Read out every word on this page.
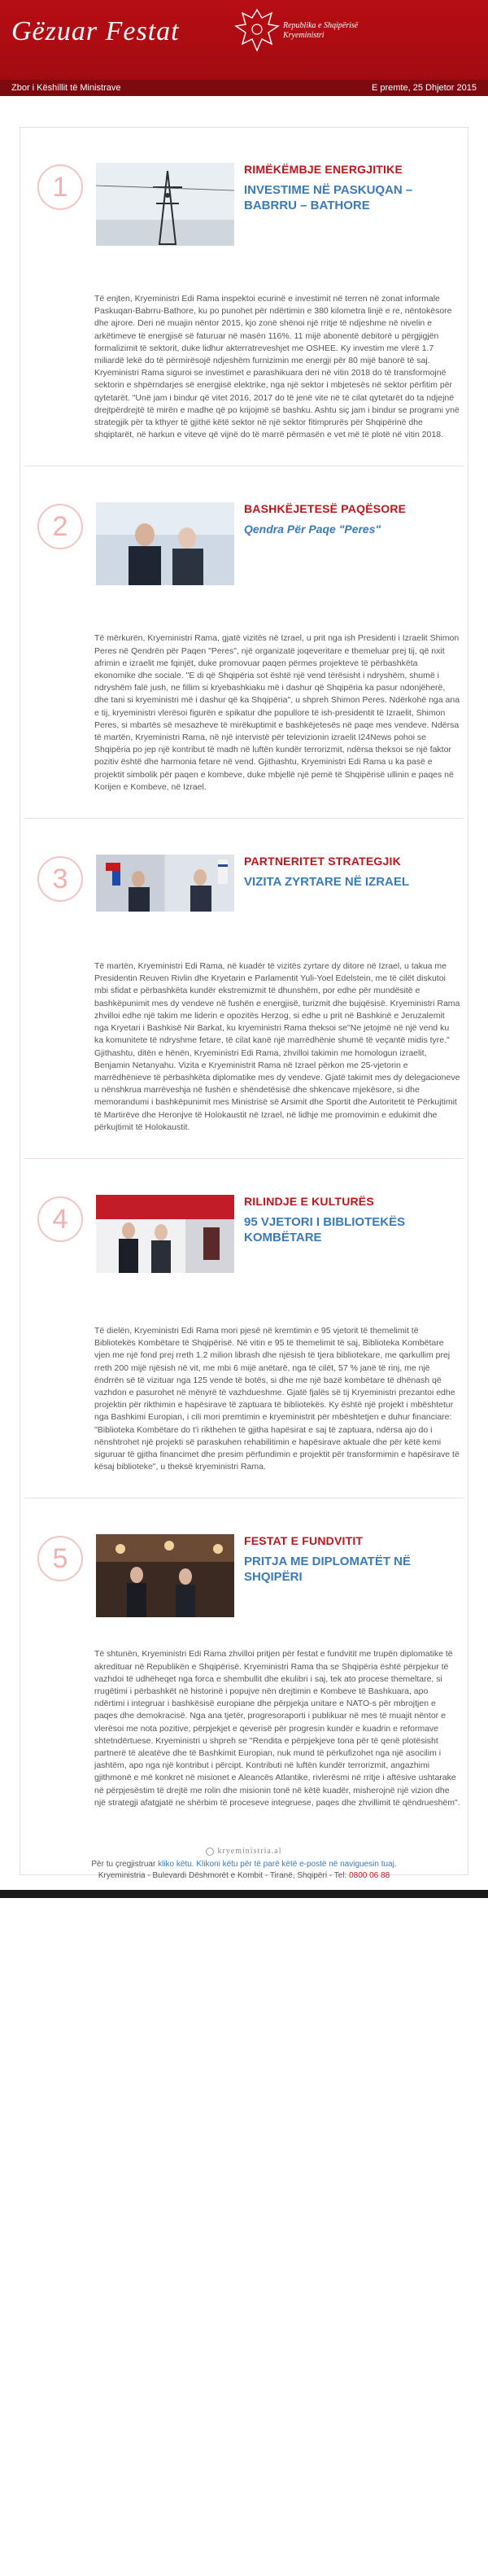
Gëzuar Festat	Republika e Shqipërisë
Kryeministri
Zbor i Këshillit të Ministrave	E premte, 25 Dhjetor 2015
1
RIMËKËMBJE ENERGJITIKE
INVESTIME NË PASKUQAN – BABRRU – BATHORE

Të enjten, Kryeministri Edi Rama inspektoi ecurinë e investimit në terren në zonat informale Paskuqan-Babrru-Bathore, ku po punohet për ndërtimin e 380 kilometra linjë e re, nëntokësore dhe ajrore. Deri në muajin nëntor 2015, kjo zonë shënoi një rritje të ndjeshme në nivelin e arkëtimeve të energjisë së faturuar në masën 116%. 11 mijë abonentë debitorë u përgjigjën formalizimit të sektorit, duke lidhur akterratreveshjet me OSHEE. Ky investim me vlerë 1.7 miliardë lekë do të përmirësojë ndjeshëm furnizimin me energji për 80 mijë banorë të saj. Kryeministri Rama siguroi se investimet e parashikuara deri në vitin 2018 do të transformojnë sektorin e shpërndarjes së energjisë elektrike, nga një sektor i mbjetesës në sektor përfitim për qytetarët. "Unë jam i bindur që vitet 2016, 2017 do të jenë vite në të cilat qytetarët do ta ndjejnë drejtpërdrejtë të mirën e madhe që po krijojmë së bashku. Ashtu siç jam i bindur se programi ynë strategjik për ta kthyer të gjithë këtë sektor në një sektor fitimprurës për Shqipërinë dhe shqiptarët, në harkun e viteve që vijnë do të marrë përmasën e vet më të plotë në vitin 2018.

2
BASHKËJETESË PAQËSORE
Qendra Për Paqe "Peres"

Të mërkurën, Kryeministri Rama, gjatë vizitës në Izrael, u prit nga ish Presidenti i Izraelit Shimon Peres në Qendrën për Paqen "Peres", një organizatë joqeveritare e themeluar prej tij, që nxit afrimin e izraelit me fqinjët, duke promovuar paqen përmes projekteve të përbashkëta ekonomike dhe sociale. "E di që Shqipëria sot është një vend tërësisht i ndryshëm, shumë i ndryshëm falë jush, ne fillim si kryebashkiaku më i dashur që Shqipëria ka pasur ndonjëherë, dhe tani si kryeministri më i dashur që ka Shqipëria", u shpreh Shimon Peres. Ndërkohë nga ana e tij, kryeministri vlerësoi figurën e spikatur dhe popullore të ish-presidentit të Izraelit, Shimon Peres, si mbartës së mesazheve të mirëkuptimit e bashkëjetesës në paqe mes vendeve. Ndërsa të martën, Kryeministri Rama, në një intervistë për televizionin izraelit I24News pohoi se Shqipëria po jep një kontribut të madh në luftën kundër terrorizmit, ndërsa theksoi se një faktor pozitiv është dhe harmonia fetare në vend. Gjithashtu, Kryeministri Edi Rama u ka pasë e projektit simbolik për paqen e kombeve, duke mbjellë një pemë të Shqipërisë ullinin e paqes në Korijen e Kombeve, në Izrael.

3
PARTNERITET STRATEGJIK
VIZITA ZYRTARE NË IZRAEL

Të martën, Kryeministri Edi Rama, në kuadër të vizitës zyrtare dy ditore në Izrael, u takua me Presidentin Reuven Rivlin dhe Kryetarin e Parlamentit Yuli-Yoel Edelstein, me të cilët diskutoi mbi sfidat e përbashkëta kundër ekstremizmit të dhunshëm, por edhe për mundësitë e bashkëpunimit mes dy vendeve në fushën e energjisë, turizmit dhe bujqësisë. Kryeministri Rama zhvilloi edhe një takim me liderin e opozitës Herzog, si edhe u prit në Bashkinë e Jeruzalemit nga Kryetari i Bashkisë Nir Barkat, ku kryeministri Rama theksoi se"Ne jetojmë në një vend ku ka komunitete të ndryshme fetare, të cilat kanë një marrëdhënie shumë të veçantë midis tyre." Gjithashtu, ditën e hënën, Kryeministri Edi Rama, zhvilloi takimin me homologun izraelit, Benjamin Netanyahu. Vizita e Kryeministrit Rama në Izrael përkon me 25-vjetorin e marrëdhënieve të përbashkëta diplomatike mes dy vendeve. Gjatë takimit mes dy delegacioneve u nënshkrua marrëveshja në fushën e shëndetësisë dhe shkencave mjekësore, si dhe memorandumi i bashkëpunimit mes Ministrisë së Arsimit dhe Sportit dhe Autoritetit të Përkujtimit të Martirëve dhe Heronjve të Holokaustit në Izrael, në lidhje me promovimin e edukimit dhe përkujtimit të Holokaustit.

4
RILINDJE E KULTURËS
95 VJETORI I BIBLIOTEKËS KOMBËTARE

Të dielën, Kryeministri Edi Rama mori pjesë në kremtimin e 95 vjetorit të themelimit të Bibliotekës Kombëtare të Shqipërisë. Në vitin e 95 të themelimit të saj, Biblioteka Kombëtare vjen me një fond prej rreth 1.2 milion librash dhe njësish të tjera bibliotekare, me qarkullim prej rreth 200 mijë njësish në vit, me mbi 6 mijë anëtarë, nga të cilët, 57 % janë të rinj, me një ëndrrën së të vizituar nga 125 vende të botës, si dhe me një bazë kombëtare të dhënash që vazhdon e pasurohet në mënyrë të vazhdueshme. Gjatë fjalës së tij Kryeministri prezantoi edhe projektin për rikthimin e hapësirave të zaptuara të bibliotekës. Ky është një projekt i mbështetur nga Bashkimi Europian, i cili mori premtimin e kryeministrit për mbështetjen e duhur financiare: "Biblioteka Kombëtare do t'i rikthehen të gjitha hapësirat e saj të zaptuara, ndërsa ajo do i nënshtrohet një projekti së paraskuhen rehabilitimin e hapësirave aktuale dhe për këtë kemi siguruar të gjitha financimet dhe presim përfundimin e projektit për transformimin e hapësirave të kësaj biblioteke", u theksë kryeministri Rama.

5
FESTAT E FUNDVITIT
PRITJA ME DIPLOMATËT NË SHQIPËRI

Të shtunën, Kryeministri Edi Rama zhvilloi pritjen për festat e fundvitit me trupën diplomatike të akredituar në Republikën e Shqipërisë. Kryeministri Rama tha se Shqipëria është përpjekur të vazhdoi të udhëheqet nga forca e shembullit dhe ekulibri i saj, tek ato procese themeltare, si rrugëtimi i përbashkët në historinë i popujve nën drejtimin e Kombeve të Bashkuara, apo ndërtimi i integruar i bashkësisë europiane dhe përpjekja unitare e NATO-s për mbrojtjen e paqes dhe demokracisë. Nga ana tjetër, progresoraporti i publikuar në mes të muajit nëntor e vlerësoi me nota pozitive, përpjekjet e qeverisë për progresin kundër e kuadrin e reformave shtetndërtuese. Kryeministri u shpreh se "Rendita e përpjekjeve tona për të qenë plotësisht partnerë të aleatëve dhe të Bashkimit Europian, nuk mund të përkufizohet nga një asocilim i jashtëm, apo nga një kontribut i përcipt. Kontributi në luftën kundër terrorizmit, angazhimi gjithmonë e më konkret në misionet e Aleancës Atlantike, rivlerësmi në rritje i aftësive ushtarake në përpjesëstim të drejtë me rolin dhe misionin tonë në këtë kuadër, misherojnë një vizion dhe një strategji afatgjatë ne shërbim të proceseve integruese, paqes dhe zhvillimit të qëndrueshëm".

kryeministria.al
Për tu çregjistruar kliko këtu. Klikoni këtu për të parë këtë e-postë në naviguesin tuaj.
Kryeministria - Bulevardi Dëshmorët e Kombit - Tiranë, Shqipëri - Tel: 0800 06 88
